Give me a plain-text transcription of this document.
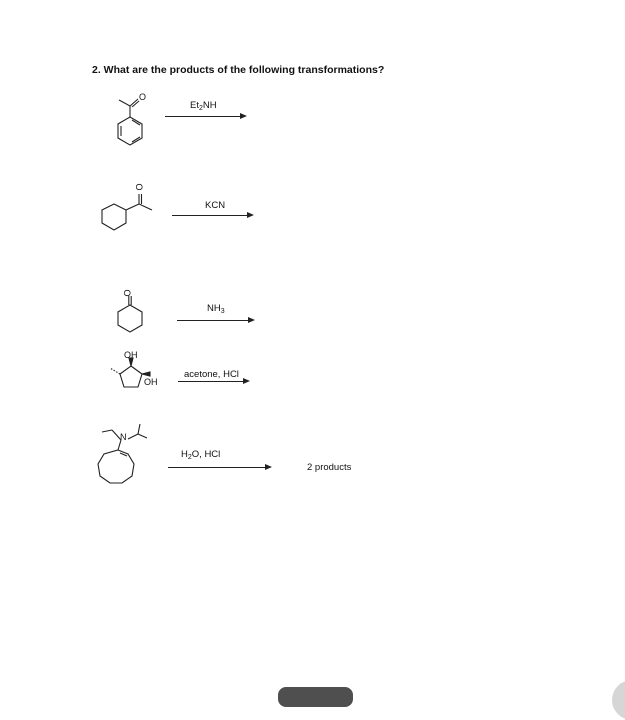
2. What are the products of the following transformations?
O
$Et_2NH$
O
KCN
O
$NH_3$
OH
OH
acetone, HCl
N
$H_2O$, HCl
2 products
